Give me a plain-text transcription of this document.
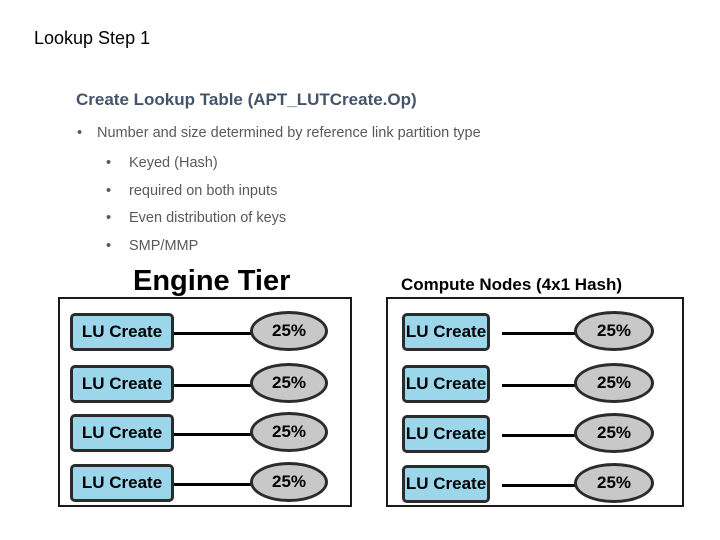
Lookup Step 1
Create Lookup Table (APT_LUTCreate.Op)
• Number and size determined by reference link partition type
• Keyed (Hash)
• required on both inputs
• Even distribution of keys
• SMP/MMP
Engine Tier
LU Create	25%
LU Create	25%
LU Create	25%
LU Create	25%
Compute Nodes (4x1 Hash)
LU Create	25%
LU Create	25%
LU Create	25%
LU Create	25%
